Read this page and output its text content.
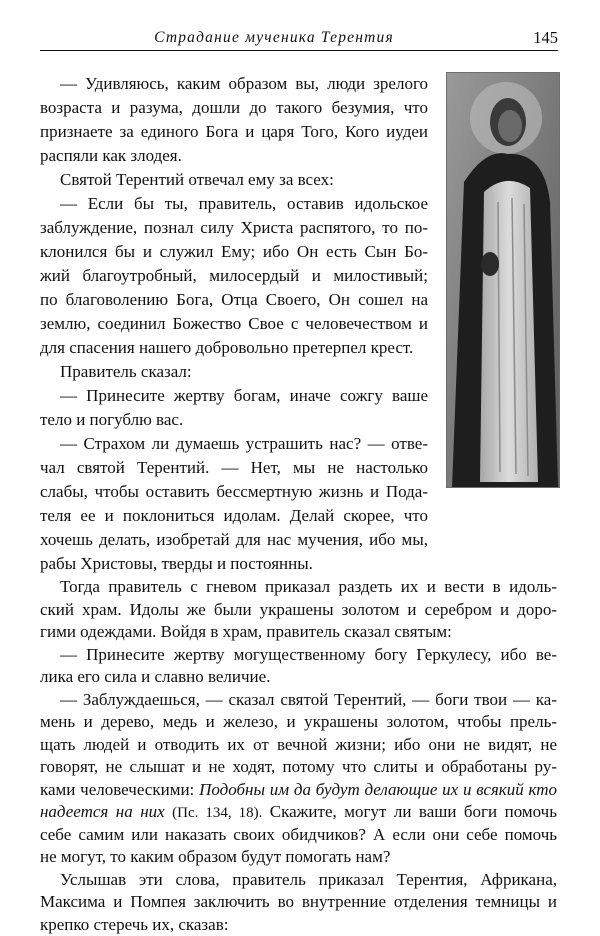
Страдание мученика Терентия	145
— Удивляюсь, каким образом вы, люди зрелого
возраста и разума, дошли до такого безумия, что
признаете за единого Бога и царя Того, Кого иудеи
распяли как злодея.
Святой Терентий отвечал ему за всех:
— Если бы ты, правитель, оставив идольское
заблуждение, познал силу Христа распятого, то по-
клонился бы и служил Ему; ибо Он есть Сын Бо-
жий благоутробный, милосердый и милостивый;
по благоволению Бога, Отца Своего, Он сошел на
землю, соединил Божество Свое с человечеством и
для спасения нашего добровольно претерпел крест.
Правитель сказал:
— Принесите жертву богам, иначе сожгу ваше
тело и погублю вас.
— Страхом ли думаешь устрашить нас? — отве-
чал святой Терентий. — Нет, мы не настолько
слабы, чтобы оставить бессмертную жизнь и Пода-
теля ее и поклониться идолам. Делай скорее, что
хочешь делать, изобретай для нас мучения, ибо мы,
рабы Христовы, тверды и постоянны.
Тогда правитель с гневом приказал раздеть их и вести в идоль-
ский храм. Идолы же были украшены золотом и серебром и доро-
гими одеждами. Войдя в храм, правитель сказал святым:
— Принесите жертву могущественному богу Геркулесу, ибо ве-
лика его сила и славно величие.
— Заблуждаешься, — сказал святой Терентий, — боги твои — ка-
мень и дерево, медь и железо, и украшены золотом, чтобы прель-
щать людей и отводить их от вечной жизни; ибо они не видят, не
говорят, не слышат и не ходят, потому что слиты и обработаны ру-
ками человеческими: Подобны им да будут делающие их и всякий кто
надеется на них (Пс. 134, 18). Скажите, могут ли ваши боги помочь
себе самим или наказать своих обидчиков? А если они себе помочь
не могут, то каким образом будут помогать нам?
Услышав эти слова, правитель приказал Терентия, Африкана,
Максима и Помпея заключить во внутренние отделения темницы и
крепко стеречь их, сказав:
